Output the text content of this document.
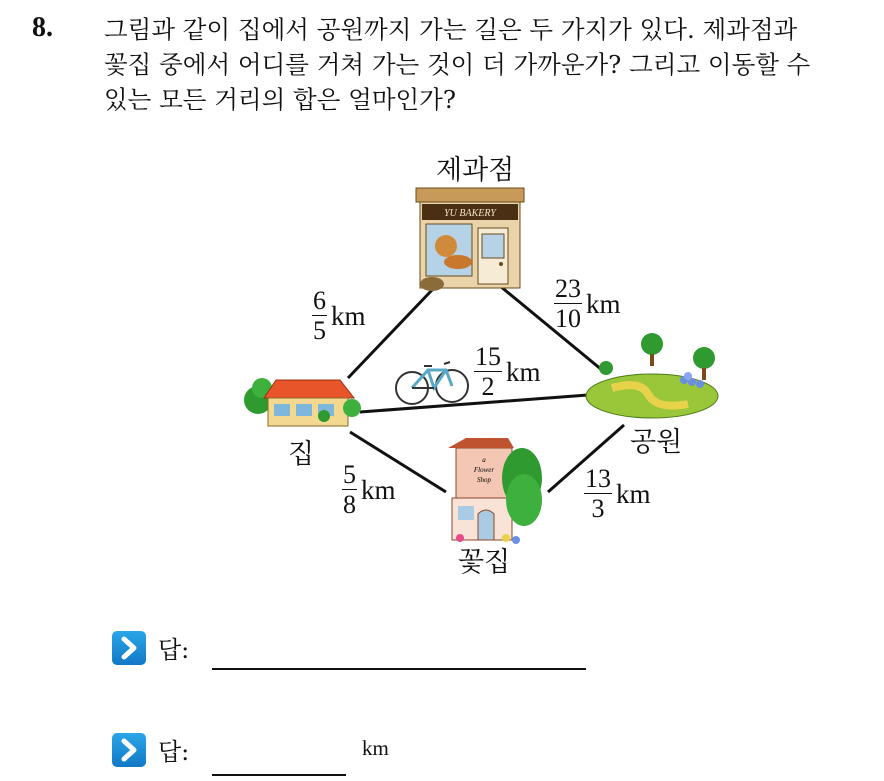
8. 그림과 같이 집에서 공원까지 가는 길은 두 가지가 있다. 제과점과
꽃집 중에서 어디를 거쳐 가는 것이 더 가까운가? 그리고 이동할 수
있는 모든 거리의 합은 얼마인가?
YU BAKERY
a
Flower
Shop
제과점
집	공원
꽃집
$\frac{6}{5}$ km	$\frac{23}{10}$ km
$\frac{15}{2}$ km
$\frac{5}{8}$ km	$\frac{13}{3}$ km
답:
답:	km
